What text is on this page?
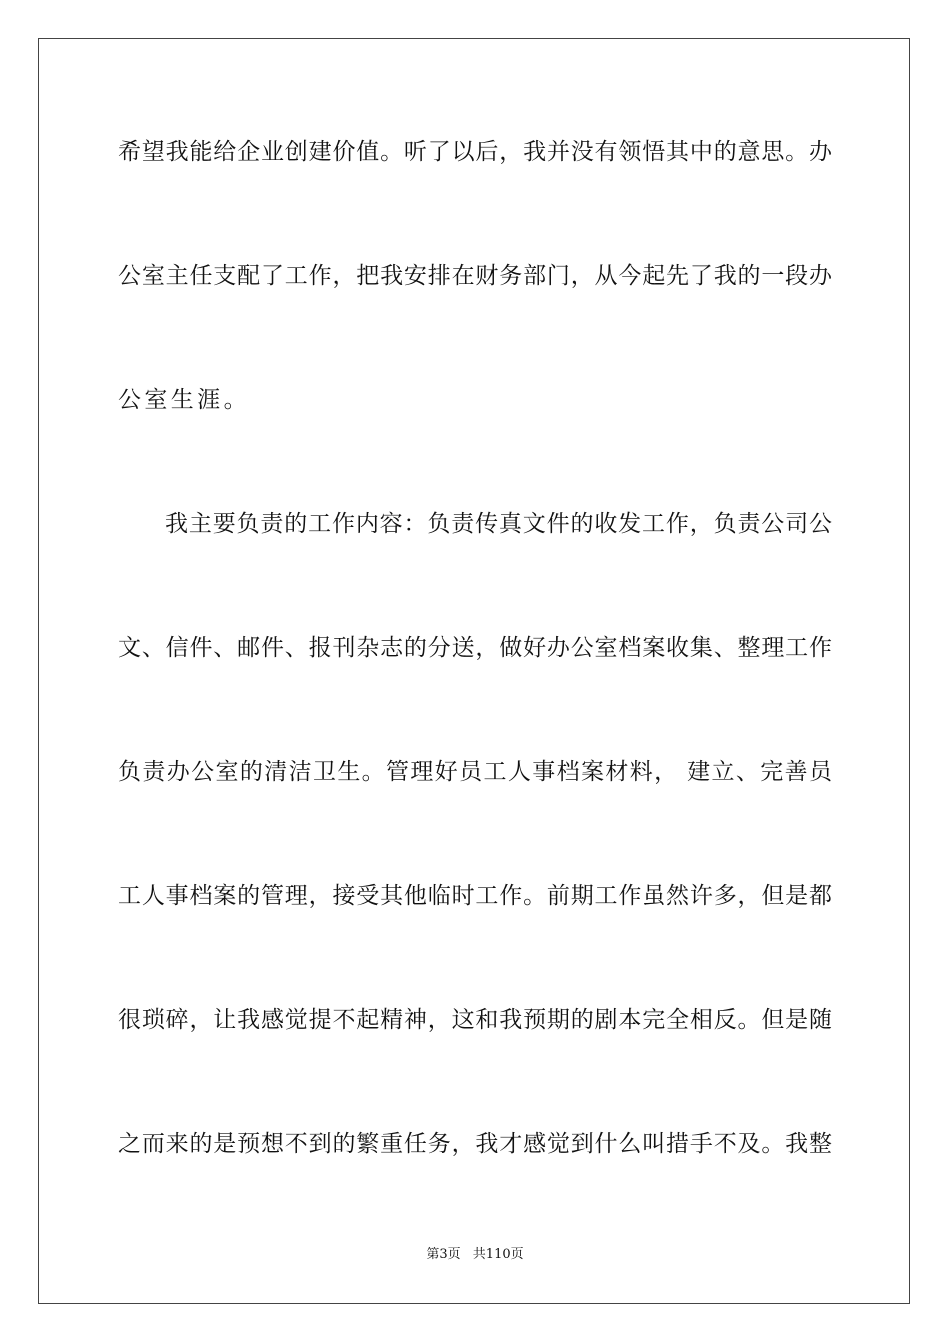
希望我能给企业创建价值。听了以后，我并没有领悟其中的意思。办
公室主任支配了工作，把我安排在财务部门，从今起先了我的一段办
公室生涯。
我主要负责的工作内容：负责传真文件的收发工作，负责公司公
文、信件、邮件、报刊杂志的分送，做好办公室档案收集、整理工作
负责办公室的清洁卫生。管理好员工人事档案材料， 建立、完善员
工人事档案的管理，接受其他临时工作。前期工作虽然许多，但是都
很琐碎，让我感觉提不起精神，这和我预期的剧本完全相反。但是随
之而来的是预想不到的繁重任务，我才感觉到什么叫措手不及。我整
第3页 共110页
